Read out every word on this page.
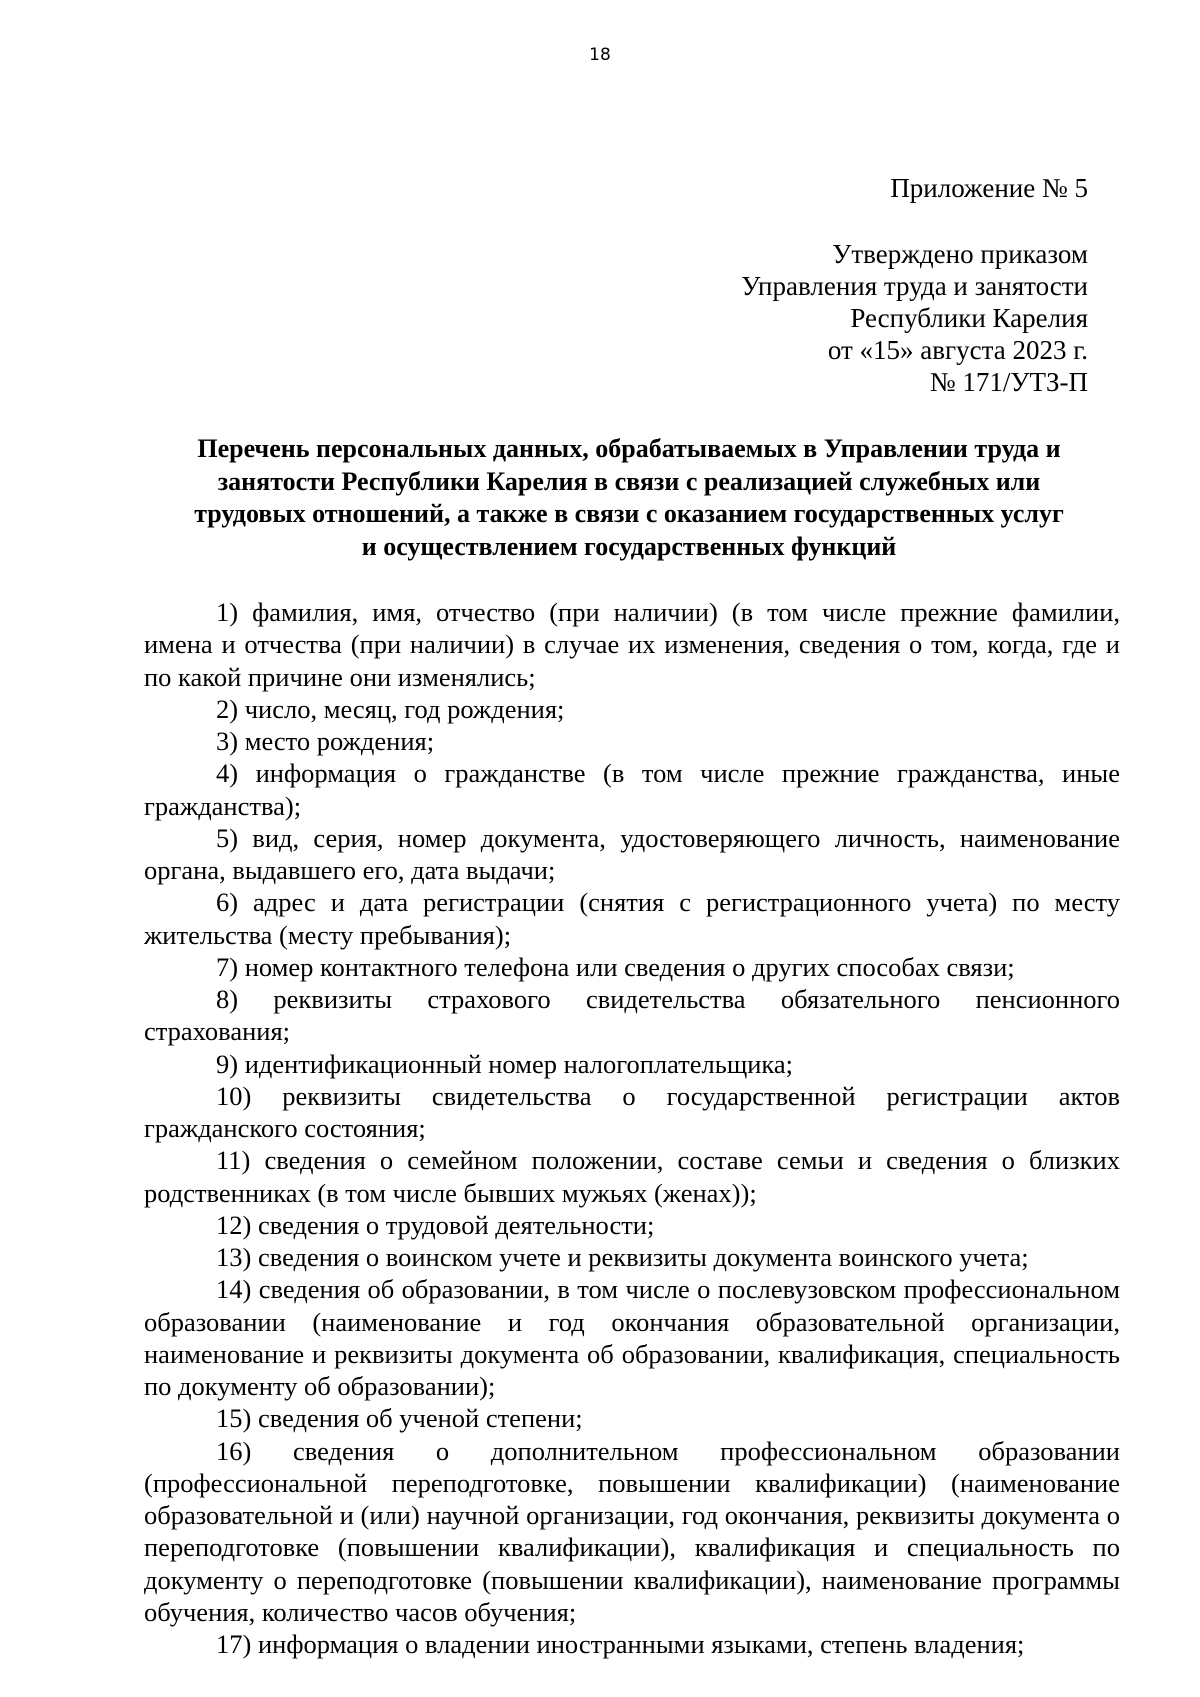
18
Приложение № 5
Утверждено приказом
Управления труда и занятости
Республики Карелия
от «15» августа 2023 г.
№ 171/УТЗ-П
Перечень персональных данных, обрабатываемых в Управлении труда и
занятости Республики Карелия в связи с реализацией служебных или
трудовых отношений, а также в связи с оказанием государственных услуг
и осуществлением государственных функций

1) фамилия, имя, отчество (при наличии) (в том числе прежние фамилии, имена и отчества (при наличии) в случае их изменения, сведения о том, когда, где и по какой причине они изменялись;

2) число, месяц, год рождения;

3) место рождения;

4) информация о гражданстве (в том числе прежние гражданства, иные гражданства);

5) вид, серия, номер документа, удостоверяющего личность, наименование органа, выдавшего его, дата выдачи;

6) адрес и дата регистрации (снятия с регистрационного учета) по месту жительства (месту пребывания);

7) номер контактного телефона или сведения о других способах связи;

8) реквизиты страхового свидетельства обязательного пенсионного страхования;

9) идентификационный номер налогоплательщика;

10) реквизиты свидетельства о государственной регистрации актов гражданского состояния;

11) сведения о семейном положении, составе семьи и сведения о близких родственниках (в том числе бывших мужьях (женах));

12) сведения о трудовой деятельности;

13) сведения о воинском учете и реквизиты документа воинского учета;

14) сведения об образовании, в том числе о послевузовском профессиональном образовании (наименование и год окончания образовательной организации, наименование и реквизиты документа об образовании, квалификация, специальность по документу об образовании);

15) сведения об ученой степени;

16) сведения о дополнительном профессиональном образовании (профессиональной переподготовке, повышении квалификации) (наименование образовательной и (или) научной организации, год окончания, реквизиты документа о переподготовке (повышении квалификации), квалификация и специальность по документу о переподготовке (повышении квалификации), наименование программы обучения, количество часов обучения;

17) информация о владении иностранными языками, степень владения;
